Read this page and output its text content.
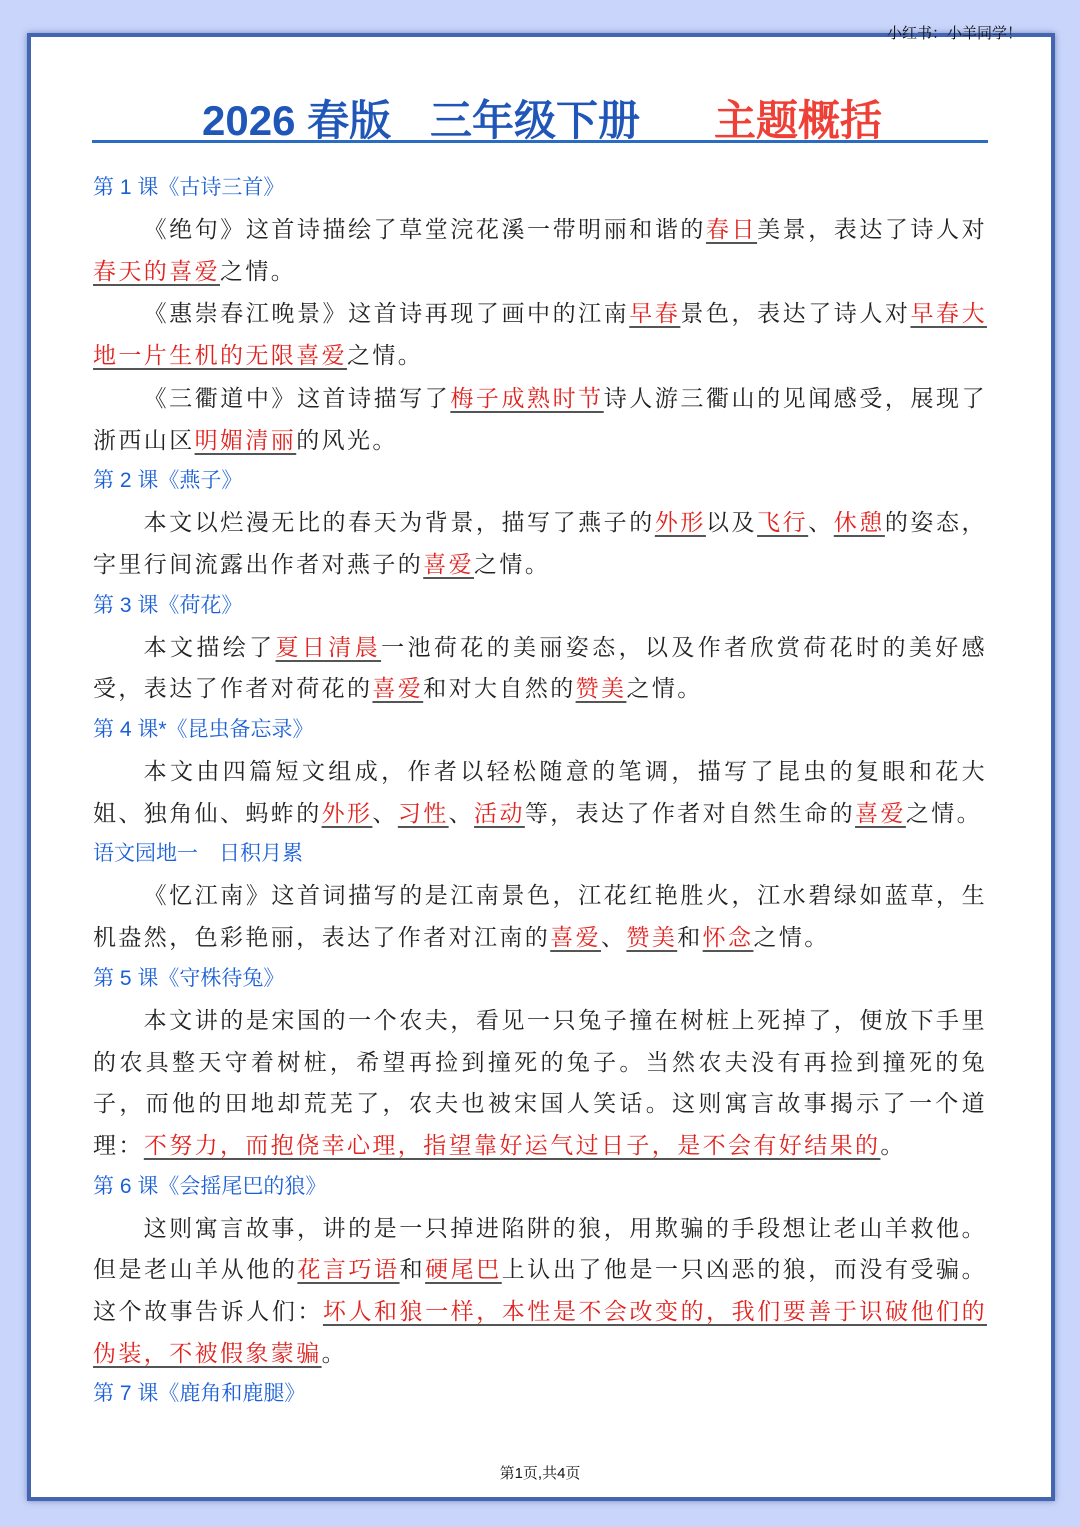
小红书：小羊同学！
2026 春版 三年级下册 主题概括
第 1 课《古诗三首》
《绝句》这首诗描绘了草堂浣花溪一带明丽和谐的春日美景，表达了诗人对春天的喜爱之情。
《惠崇春江晚景》这首诗再现了画中的江南早春景色，表达了诗人对早春大地一片生机的无限喜爱之情。
《三衢道中》这首诗描写了梅子成熟时节诗人游三衢山的见闻感受，展现了浙西山区明媚清丽的风光。
第 2 课《燕子》
本文以烂漫无比的春天为背景，描写了燕子的外形以及飞行、休憩的姿态，字里行间流露出作者对燕子的喜爱之情。
第 3 课《荷花》
本文描绘了夏日清晨一池荷花的美丽姿态，以及作者欣赏荷花时的美好感受，表达了作者对荷花的喜爱和对大自然的赞美之情。
第 4 课*《昆虫备忘录》
本文由四篇短文组成，作者以轻松随意的笔调，描写了昆虫的复眼和花大姐、独角仙、蚂蚱的外形、习性、活动等，表达了作者对自然生命的喜爱之情。
语文园地一　日积月累
《忆江南》这首词描写的是江南景色，江花红艳胜火，江水碧绿如蓝草，生机盎然，色彩艳丽，表达了作者对江南的喜爱、赞美和怀念之情。
第 5 课《守株待兔》
本文讲的是宋国的一个农夫，看见一只兔子撞在树桩上死掉了，便放下手里的农具整天守着树桩，希望再捡到撞死的兔子。当然农夫没有再捡到撞死的兔子，而他的田地却荒芜了，农夫也被宋国人笑话。这则寓言故事揭示了一个道理：不努力，而抱侥幸心理，指望靠好运气过日子，是不会有好结果的。
第 6 课《会摇尾巴的狼》
这则寓言故事，讲的是一只掉进陷阱的狼，用欺骗的手段想让老山羊救他。但是老山羊从他的花言巧语和硬尾巴上认出了他是一只凶恶的狼，而没有受骗。这个故事告诉人们：坏人和狼一样，本性是不会改变的，我们要善于识破他们的伪装，不被假象蒙骗。
第 7 课《鹿角和鹿腿》
第1页,共4页
